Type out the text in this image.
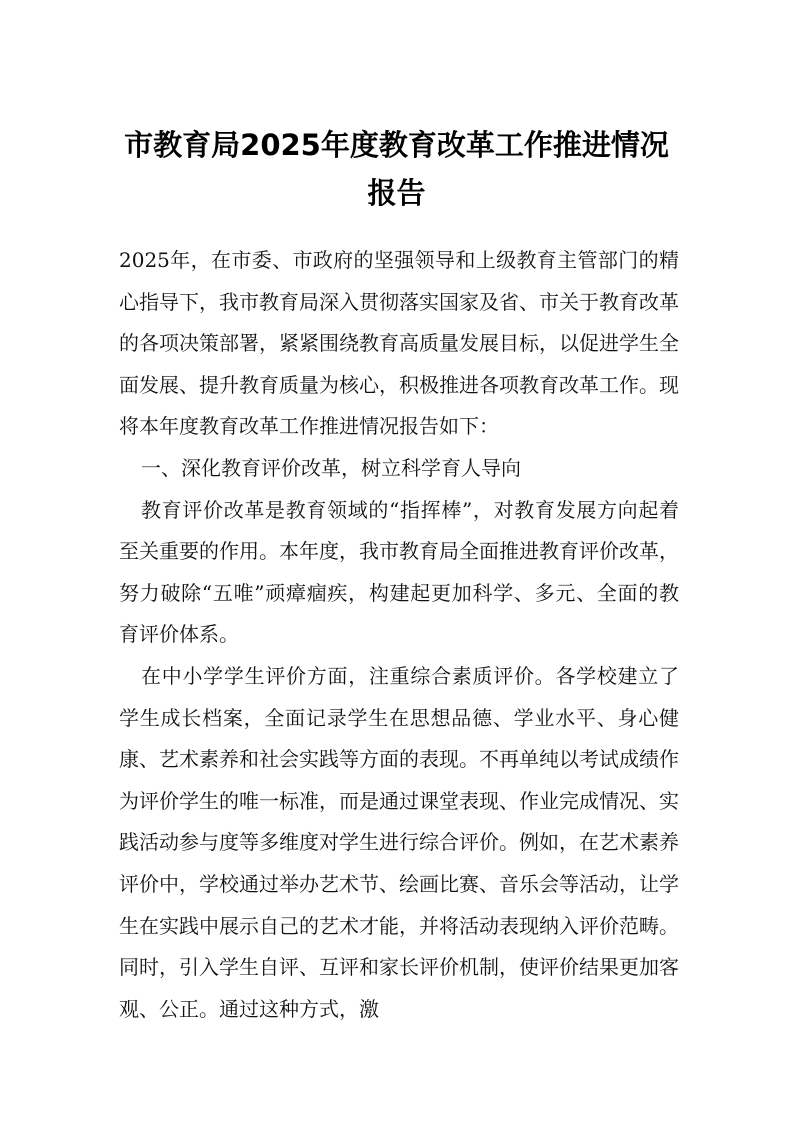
市教育局2025年度教育改革工作推进情况
报告

2025年，在市委、市政府的坚强领导和上级教育主管部门的精心指导下，我市教育局深入贯彻落实国家及省、市关于教育改革的各项决策部署，紧紧围绕教育高质量发展目标，以促进学生全面发展、提升教育质量为核心，积极推进各项教育改革工作。现将本年度教育改革工作推进情况报告如下：

一、深化教育评价改革，树立科学育人导向

教育评价改革是教育领域的“指挥棒”，对教育发展方向起着至关重要的作用。本年度，我市教育局全面推进教育评价改革，努力破除“五唯”顽瘴痼疾，构建起更加科学、多元、全面的教育评价体系。

在中小学学生评价方面，注重综合素质评价。各学校建立了学生成长档案，全面记录学生在思想品德、学业水平、身心健康、艺术素养和社会实践等方面的表现。不再单纯以考试成绩作为评价学生的唯一标准，而是通过课堂表现、作业完成情况、实践活动参与度等多维度对学生进行综合评价。例如，在艺术素养评价中，学校通过举办艺术节、绘画比赛、音乐会等活动，让学生在实践中展示自己的艺术才能，并将活动表现纳入评价范畴。同时，引入学生自评、互评和家长评价机制，使评价结果更加客观、公正。通过这种方式，激
